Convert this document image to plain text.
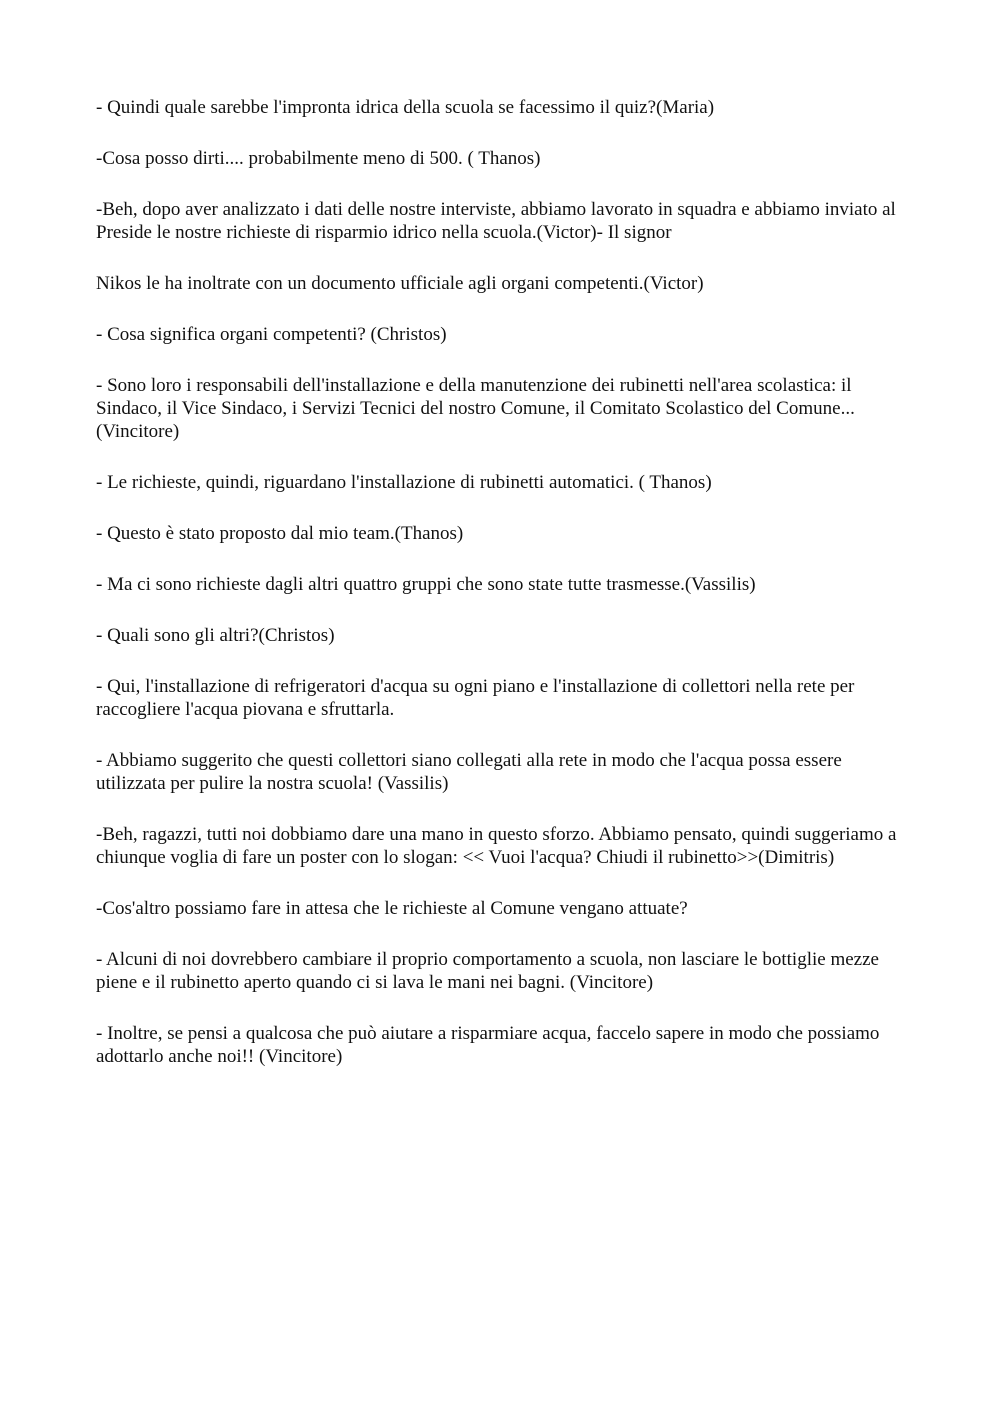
- Quindi quale sarebbe l'impronta idrica della scuola se facessimo il quiz?(Maria)

-Cosa posso dirti.... probabilmente meno di 500. ( Thanos)

-Beh, dopo aver analizzato i dati delle nostre interviste, abbiamo lavorato in squadra e abbiamo inviato al Preside le nostre richieste di risparmio idrico nella scuola.(Victor)- Il signor

Nikos le ha inoltrate con un documento ufficiale agli organi competenti.(Victor)

- Cosa significa organi competenti? (Christos)

- Sono loro i responsabili dell'installazione e della manutenzione dei rubinetti nell'area scolastica: il Sindaco, il Vice Sindaco, i Servizi Tecnici del nostro Comune, il Comitato Scolastico del Comune... (Vincitore)

- Le richieste, quindi, riguardano l'installazione di rubinetti automatici. ( Thanos)

- Questo è stato proposto dal mio team.(Thanos)

- Ma ci sono richieste dagli altri quattro gruppi che sono state tutte trasmesse.(Vassilis)

- Quali sono gli altri?(Christos)

- Qui, l'installazione di refrigeratori d'acqua su ogni piano e l'installazione di collettori nella rete per raccogliere l'acqua piovana e sfruttarla.

- Abbiamo suggerito che questi collettori siano collegati alla rete in modo che l'acqua possa essere utilizzata per pulire la nostra scuola! (Vassilis)

-Beh, ragazzi, tutti noi dobbiamo dare una mano in questo sforzo. Abbiamo pensato, quindi suggeriamo a chiunque voglia di fare un poster con lo slogan: << Vuoi l'acqua? Chiudi il rubinetto>>(Dimitris)

-Cos'altro possiamo fare in attesa che le richieste al Comune vengano attuate?

- Alcuni di noi dovrebbero cambiare il proprio comportamento a scuola, non lasciare le bottiglie mezze piene e il rubinetto aperto quando ci si lava le mani nei bagni. (Vincitore)

- Inoltre, se pensi a qualcosa che può aiutare a risparmiare acqua, faccelo sapere in modo che possiamo adottarlo anche noi!! (Vincitore)
